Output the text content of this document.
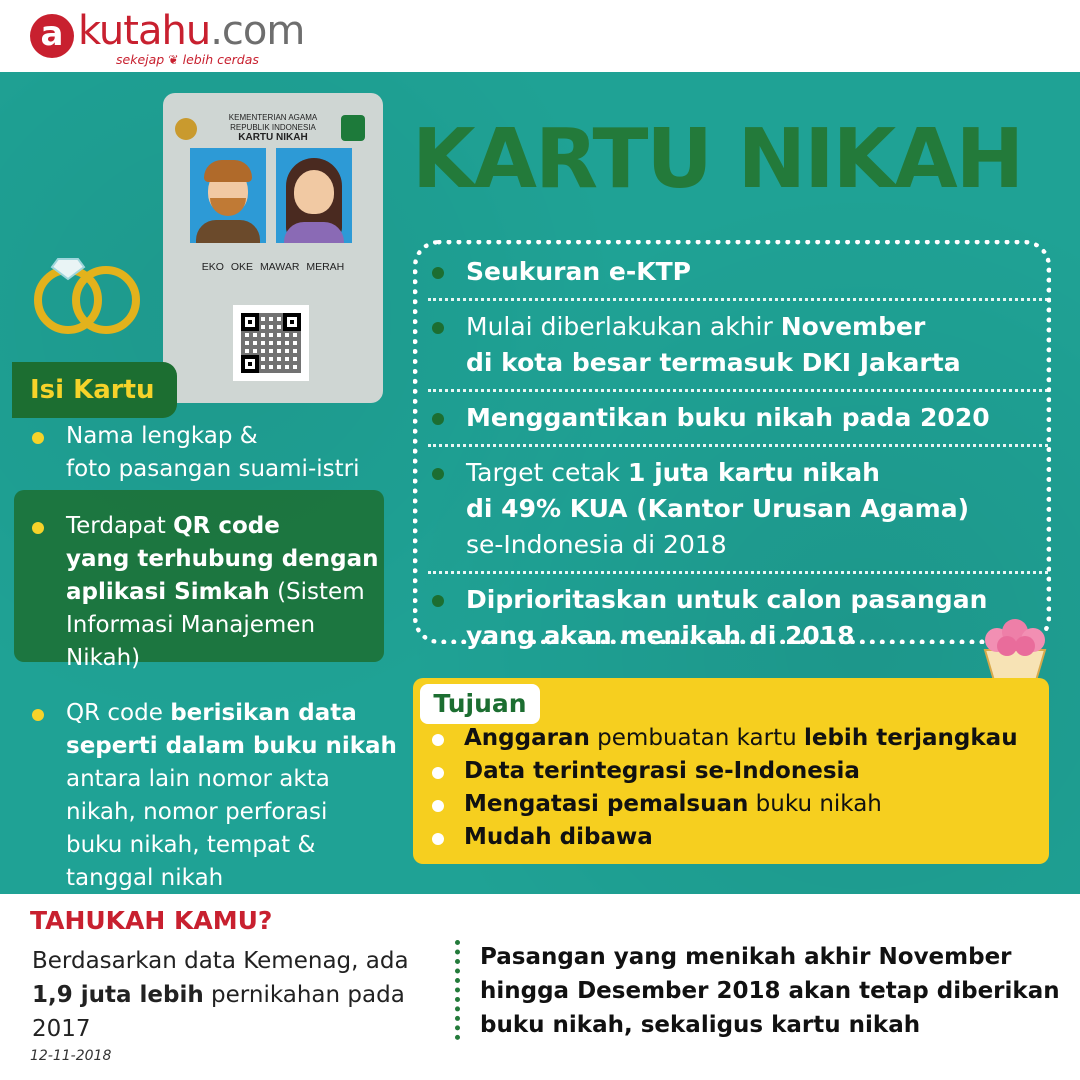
a kutahu.com
sekejap ❦ lebih cerdas
KARTU NIKAH
KEMENTERIAN AGAMA
REPUBLIK INDONESIA
KARTU NIKAH
EKO OKE MAWAR MERAH
Isi Kartu
Nama lengkap &
foto pasangan suami-istri
Terdapat QR code
yang terhubung dengan
aplikasi Simkah (Sistem
Informasi Manajemen
Nikah)
QR code berisikan data
seperti dalam buku nikah
antara lain nomor akta
nikah, nomor perforasi
buku nikah, tempat &
tanggal nikah
Seukuran e-KTP
Mulai diberlakukan akhir November
di kota besar termasuk DKI Jakarta
Menggantikan buku nikah pada 2020
Target cetak 1 juta kartu nikah
di 49% KUA (Kantor Urusan Agama)
se-Indonesia di 2018
Diprioritaskan untuk calon pasangan
yang akan menikah di 2018
Tujuan
Anggaran pembuatan kartu lebih terjangkau
Data terintegrasi se-Indonesia
Mengatasi pemalsuan buku nikah
Mudah dibawa
TAHUKAH KAMU?
Berdasarkan data Kemenag, ada
1,9 juta lebih pernikahan pada
2017
Pasangan yang menikah akhir November
hingga Desember 2018 akan tetap diberikan
buku nikah, sekaligus kartu nikah
12-11-2018
